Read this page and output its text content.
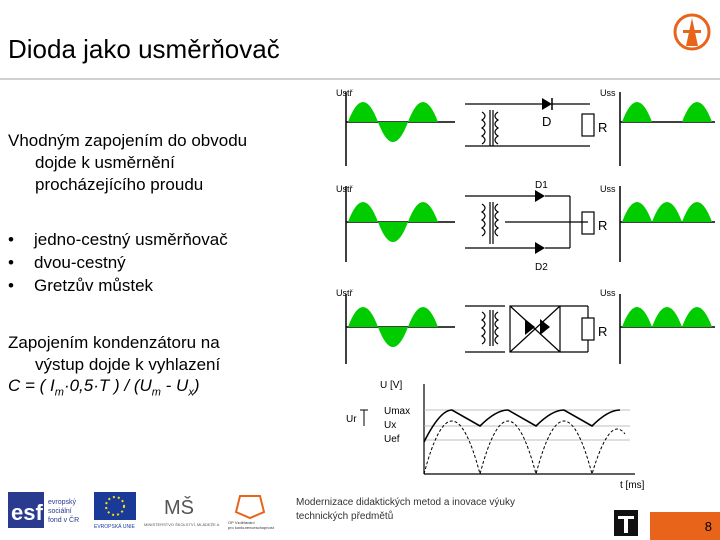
Dioda jako usměrňovač
Vhodným zapojením do obvodu
dojde k usměrnění
procházejícího proudu
• jedno-cestný usměrňovač
• dvou-cestný
• Gretzův můstek
Zapojením kondenzátoru na
výstup dojde k vyhlazení
C = ( $I_m\cdot 0,5\cdot T$ ) / $(U_m - U_x)$
Ustř
D	R
Uss
Ustř	D1
D2
R
Uss
Ustř
R
Uss
U [V]
t [ms]
Ur
Umax
Ux
Uef
esf evropský
sociální
fond v ČR
EVROPSKÁ UNIE
MŠ
MINISTERSTVO ŠKOLSTVÍ, MLÁDEŽE A	OP Vzdělávání
pro konkurenceschopnost
Modernizace didaktických metod a inovace výuky
technických předmětů
8
